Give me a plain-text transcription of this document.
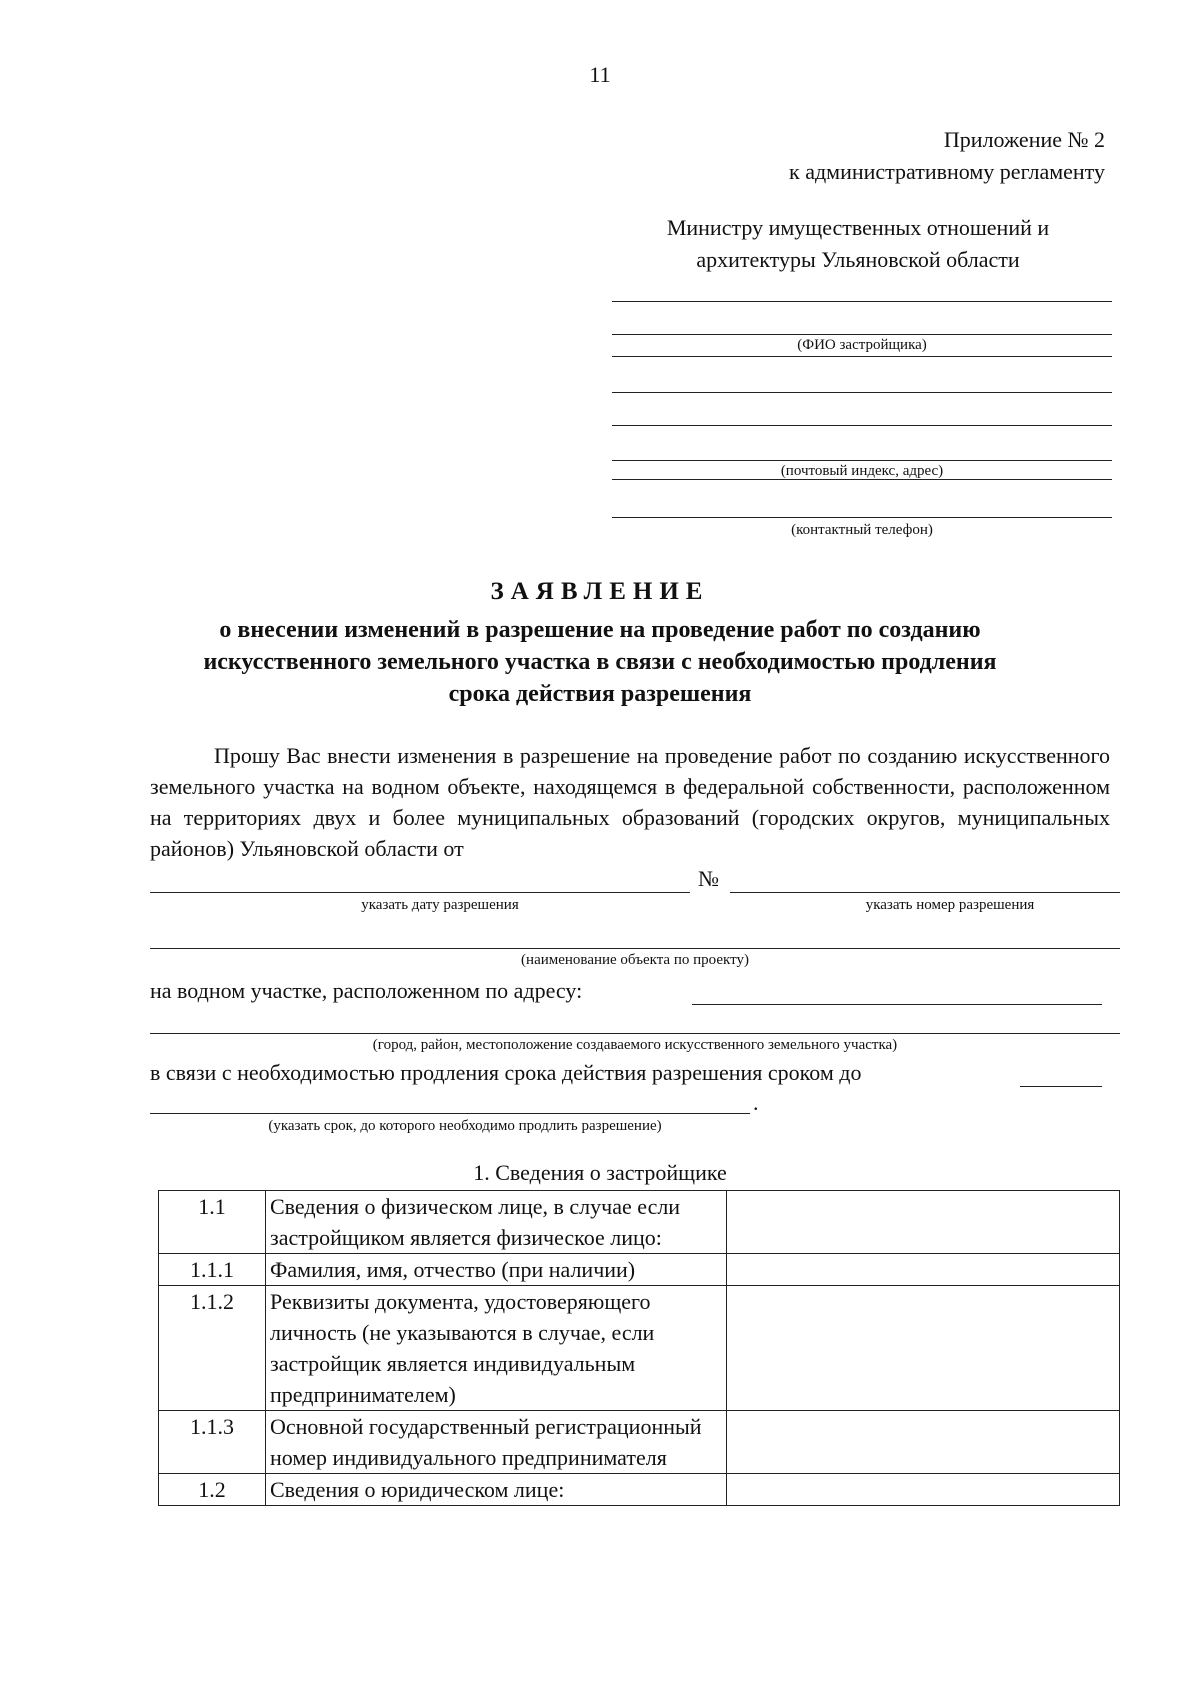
11
Приложение № 2
к административному регламенту
Министру имущественных отношений и
архитектуры Ульяновской области
(ФИО застройщика)
(почтовый индекс, адрес)
(контактный телефон)
ЗАЯВЛЕНИЕ
о внесении изменений в разрешение на проведение работ по созданию
искусственного земельного участка в связи с необходимостью продления
срока действия разрешения
Прошу Вас внести изменения в разрешение на проведение работ по созданию искусственного земельного участка на водном объекте, находящемся в федеральной собственности, расположенном на территориях двух и более муниципальных образований (городских округов, муниципальных районов) Ульяновской области от
№
указать дату разрешения	указать номер разрешения
(наименование объекта по проекту)
на водном участке, расположенном по адресу:
(город, район, местоположение создаваемого искусственного земельного участка)
в связи с необходимостью продления срока действия разрешения сроком до
.
(указать срок, до которого необходимо продлить разрешение)
1. Сведения о застройщике
1.1	Сведения о физическом лице, в случае если застройщиком является физическое лицо:	
1.1.1	Фамилия, имя, отчество (при наличии)	
1.1.2	Реквизиты документа, удостоверяющего личность (не указываются в случае, если застройщик является индивидуальным предпринимателем)	
1.1.3	Основной государственный регистрационный номер индивидуального предпринимателя	
1.2	Сведения о юридическом лице:	
